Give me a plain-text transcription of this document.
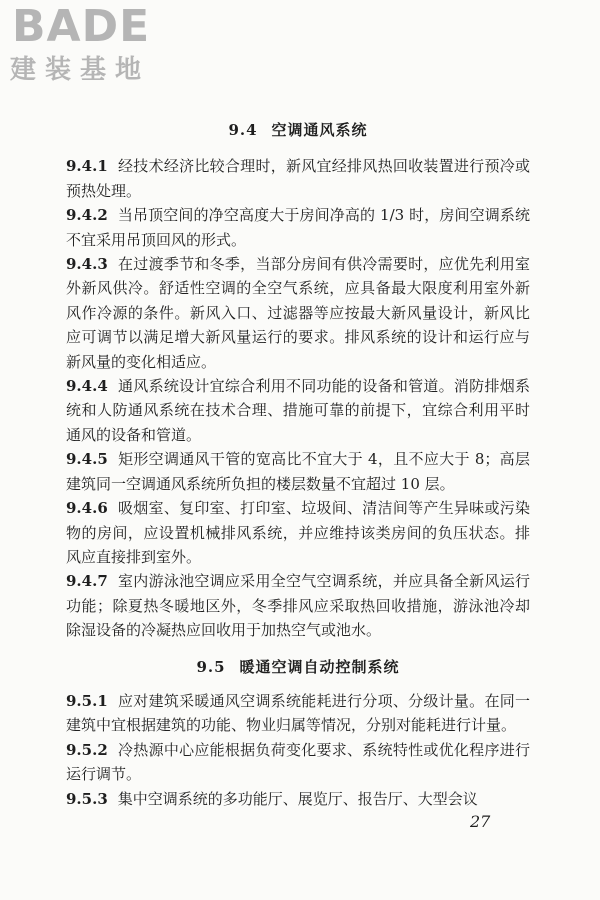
BADE
建装基地
9.4 空调通风系统

9.4.1 经技术经济比较合理时，新风宜经排风热回收装置进行预冷或预热处理。

9.4.2 当吊顶空间的净空高度大于房间净高的 1/3 时，房间空调系统不宜采用吊顶回风的形式。

9.4.3 在过渡季节和冬季，当部分房间有供冷需要时，应优先利用室外新风供冷。舒适性空调的全空气系统，应具备最大限度利用室外新风作冷源的条件。新风入口、过滤器等应按最大新风量设计，新风比应可调节以满足增大新风量运行的要求。排风系统的设计和运行应与新风量的变化相适应。

9.4.4 通风系统设计宜综合利用不同功能的设备和管道。消防排烟系统和人防通风系统在技术合理、措施可靠的前提下，宜综合利用平时通风的设备和管道。

9.4.5 矩形空调通风干管的宽高比不宜大于 4，且不应大于 8；高层建筑同一空调通风系统所负担的楼层数量不宜超过 10 层。

9.4.6 吸烟室、复印室、打印室、垃圾间、清洁间等产生异味或污染物的房间，应设置机械排风系统，并应维持该类房间的负压状态。排风应直接排到室外。

9.4.7 室内游泳池空调应采用全空气空调系统，并应具备全新风运行功能；除夏热冬暖地区外，冬季排风应采取热回收措施，游泳池冷却除湿设备的冷凝热应回收用于加热空气或池水。

9.5 暖通空调自动控制系统

9.5.1 应对建筑采暖通风空调系统能耗进行分项、分级计量。在同一建筑中宜根据建筑的功能、物业归属等情况，分别对能耗进行计量。

9.5.2 冷热源中心应能根据负荷变化要求、系统特性或优化程序进行运行调节。

9.5.3 集中空调系统的多功能厅、展览厅、报告厅、大型会议

27
